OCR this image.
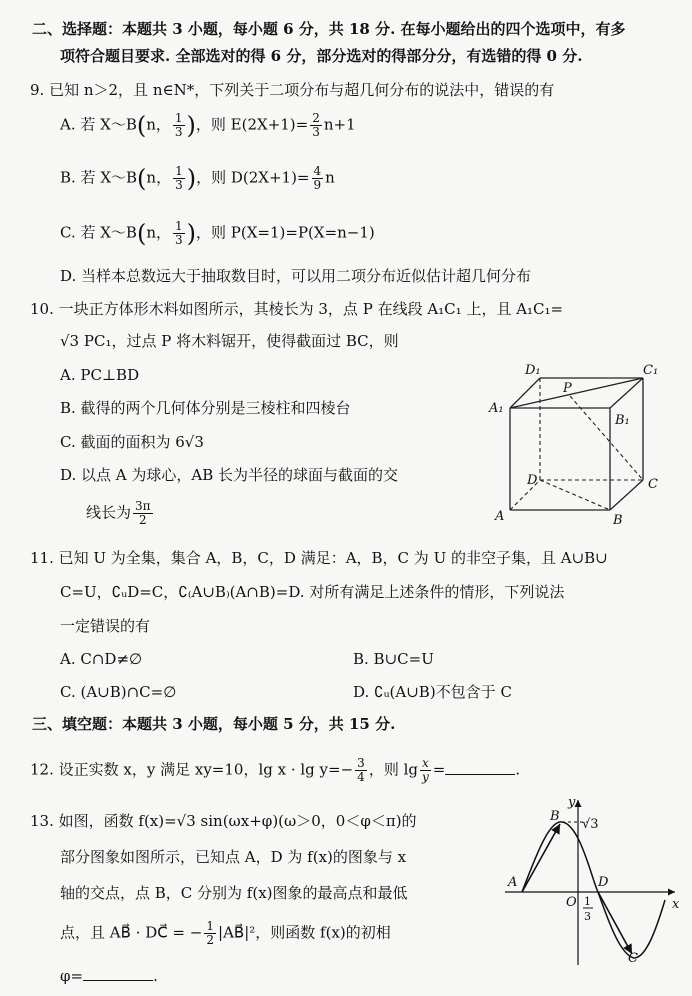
二、选择题：本题共 3 小题，每小题 6 分，共 18 分. 在每小题给出的四个选项中，有多
项符合题目要求. 全部选对的得 6 分，部分选对的得部分分，有选错的得 0 分.
9. 已知 n＞2，且 n∈N*，下列关于二项分布与超几何分布的说法中，错误的有
A. 若 X～B(n， $\frac{1}{3}$ )，则 $E(2X+1)= \frac{2}{3} n+1$
B. 若 X～B(n， $\frac{1}{3}$ )，则 $D(2X+1)= \frac{4}{9}$ n
C. 若 X～B(n， $\frac{1}{3}$ )，则 P(X=1)=P(X=n−1)
D. 当样本总数远大于抽取数目时，可以用二项分布近似估计超几何分布
10. 一块正方体形木料如图所示，其棱长为 3，点 P 在线段 A₁C₁ 上，且 A₁C₁=
√3 PC₁，过点 P 将木料锯开，使得截面过 BC，则
A. PC⊥BD
B. 截得的两个几何体分别是三棱柱和四棱台
C. 截面的面积为 6√3
D. 以点 A 为球心，AB 长为半径的球面与截面的交
线长为 $\frac{3\pi}{2}$
D₁	C₁
A₁
B₁
P
D	C
A	B
11. 已知 U 为全集，集合 A，B，C，D 满足：A，B，C 为 U 的非空子集，且 A∪B∪
C=U，∁ᵤD=C，∁₍A∪B₎(A∩B)=D. 对所有满足上述条件的情形，下列说法
一定错误的有
A. C∩D≠∅	B. B∪C=U
C. (A∪B)∩C=∅	D. ∁ᵤ(A∪B)不包含于 C
三、填空题：本题共 3 小题，每小题 5 分，共 15 分.
12. 设正实数 x，y 满足 xy=10，$\lg x \cdot \lg y=- \frac{3}{4}$ ，则 $\lg \frac{x}{y}$ =	.
13. 如图，函数 f(x)=√3 sin(ωx+φ)(ω＞0，0＜φ＜π)的
部分图象如图所示，已知点 A，D 为 f(x)的图象与 x
轴的交点，点 B，C 分别为 f(x)图象的最高点和最低
点，且 AB⃗ · DC⃗ = − $\frac{1}{2}$ |AB⃗|²，则函数 f(x)的初相
φ=	.
y
x
B
√3
A
O
D
1
3
C
